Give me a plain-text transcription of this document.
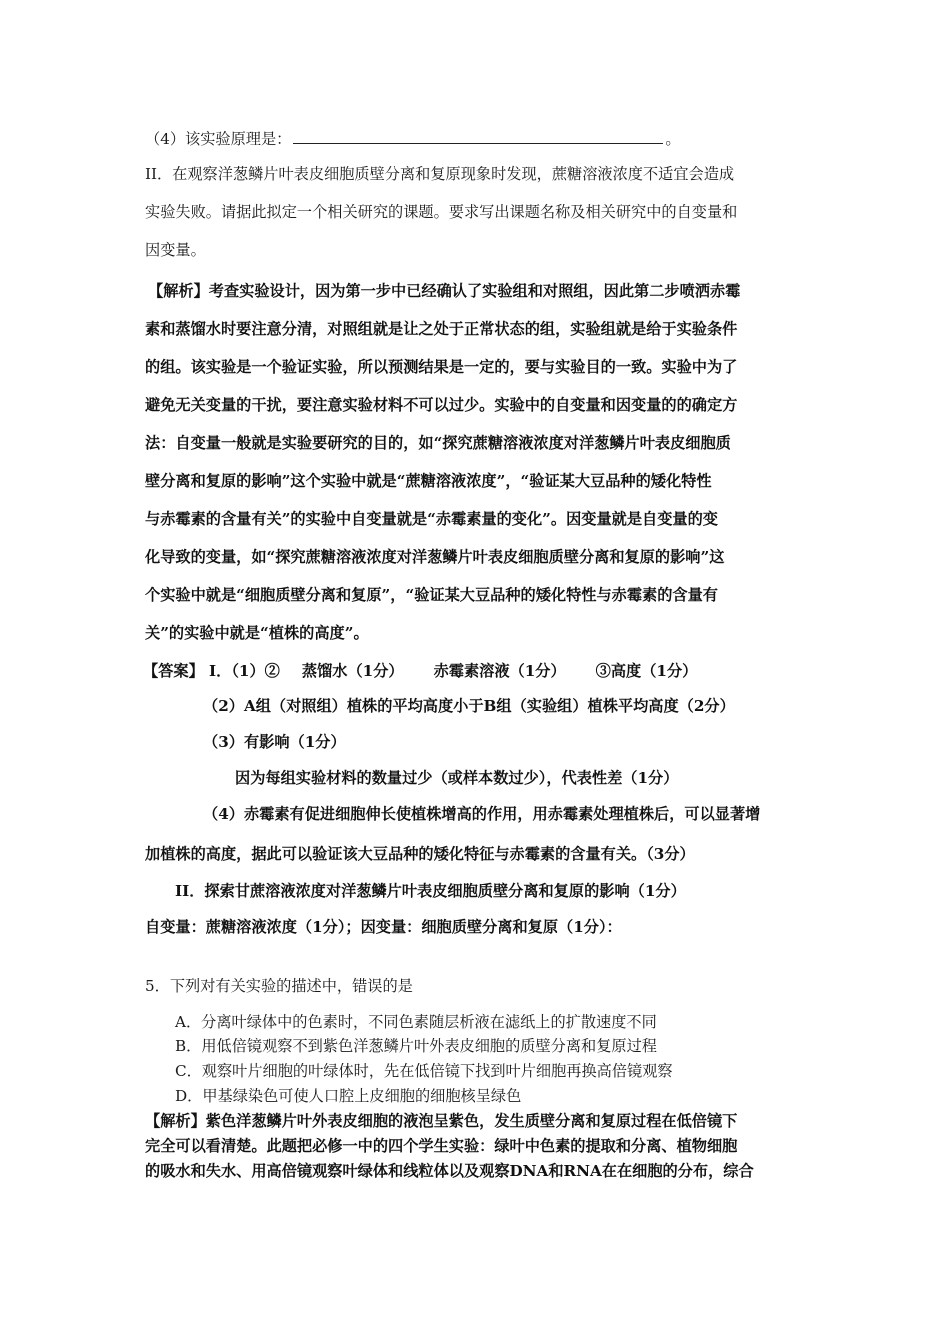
（4）该实验原理是：	。
II．在观察洋葱鳞片叶表皮细胞质壁分离和复原现象时发现，蔗糖溶液浓度不适宜会造成
实验失败。请据此拟定一个相关研究的课题。要求写出课题名称及相关研究中的自变量和
因变量。
【解析】考查实验设计，因为第一步中已经确认了实验组和对照组，因此第二步喷洒赤霉
素和蒸馏水时要注意分清，对照组就是让之处于正常状态的组，实验组就是给于实验条件
的组。该实验是一个验证实验，所以预测结果是一定的，要与实验目的一致。实验中为了
避免无关变量的干扰，要注意实验材料不可以过少。实验中的自变量和因变量的的确定方
法：自变量一般就是实验要研究的目的，如“探究蔗糖溶液浓度对洋葱鳞片叶表皮细胞质
壁分离和复原的影响”这个实验中就是“蔗糖溶液浓度”，“验证某大豆品种的矮化特性
与赤霉素的含量有关”的实验中自变量就是“赤霉素量的变化”。因变量就是自变量的变
化导致的变量，如“探究蔗糖溶液浓度对洋葱鳞片叶表皮细胞质壁分离和复原的影响”这
个实验中就是“细胞质壁分离和复原”，“验证某大豆品种的矮化特性与赤霉素的含量有
关”的实验中就是“植株的高度”。
【答案】 I．（1）② 蒸馏水（1分） 赤霉素溶液（1分） ③高度（1分）
（2）A组（对照组）植株的平均高度小于B组（实验组）植株平均高度（2分）
（3）有影响（1分）
因为每组实验材料的数量过少（或样本数过少），代表性差（1分）
（4）赤霉素有促进细胞伸长使植株增高的作用，用赤霉素处理植株后，可以显著增
加植株的高度，据此可以验证该大豆品种的矮化特征与赤霉素的含量有关。（3分）
II．探索甘蔗溶液浓度对洋葱鳞片叶表皮细胞质壁分离和复原的影响（1分）
自变量：蔗糖溶液浓度（1分）；因变量：细胞质壁分离和复原（1分）：
5．下列对有关实验的描述中，错误的是
A．分离叶绿体中的色素时，不同色素随层析液在滤纸上的扩散速度不同
B．用低倍镜观察不到紫色洋葱鳞片叶外表皮细胞的质壁分离和复原过程
C．观察叶片细胞的叶绿体时，先在低倍镜下找到叶片细胞再换高倍镜观察
D．甲基绿染色可使人口腔上皮细胞的细胞核呈绿色
【解析】紫色洋葱鳞片叶外表皮细胞的液泡呈紫色，发生质壁分离和复原过程在低倍镜下
完全可以看清楚。此题把必修一中的四个学生实验：绿叶中色素的提取和分离、植物细胞
的吸水和失水、用高倍镜观察叶绿体和线粒体以及观察DNA和RNA在在细胞的分布，综合
